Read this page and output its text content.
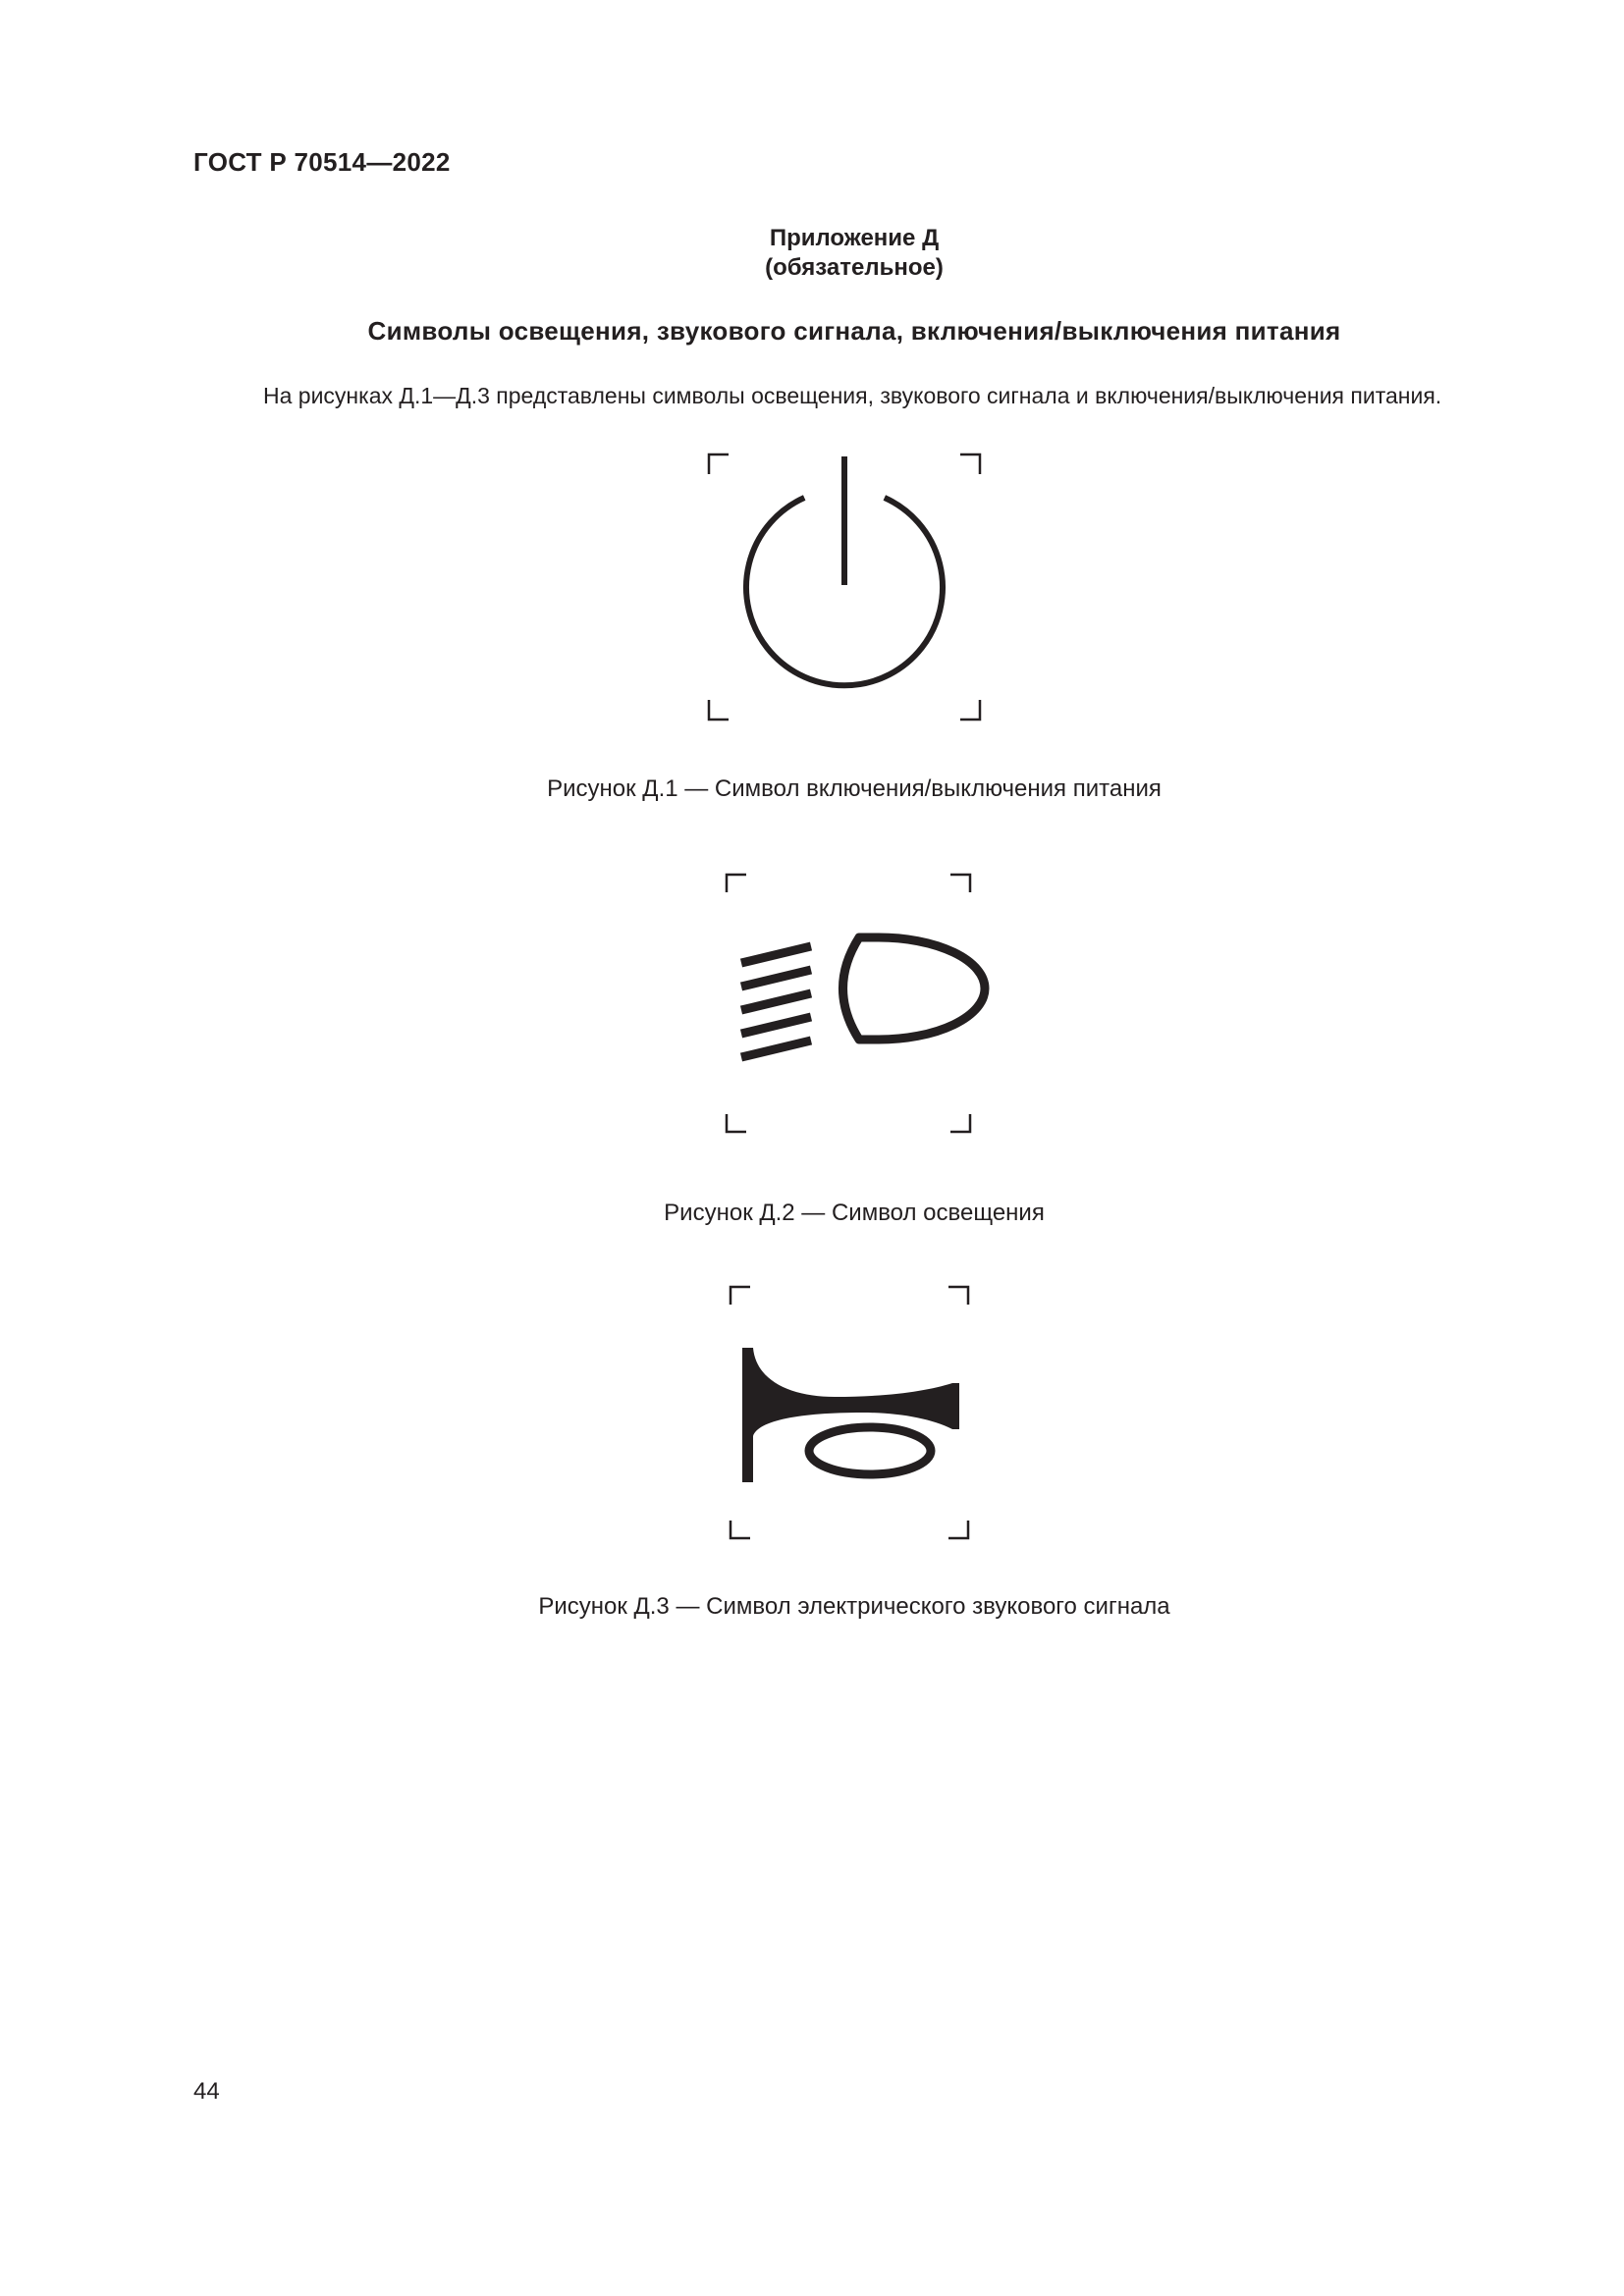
ГОСТ Р 70514—2022
Приложение Д
(обязательное)
Символы освещения, звукового сигнала, включения/выключения питания
На рисунках Д.1—Д.3 представлены символы освещения, звукового сигнала и включения/выключения питания.
Рисунок Д.1 — Символ включения/выключения питания
Рисунок Д.2 — Символ освещения
Рисунок Д.3 — Символ электрического звукового сигнала
44
